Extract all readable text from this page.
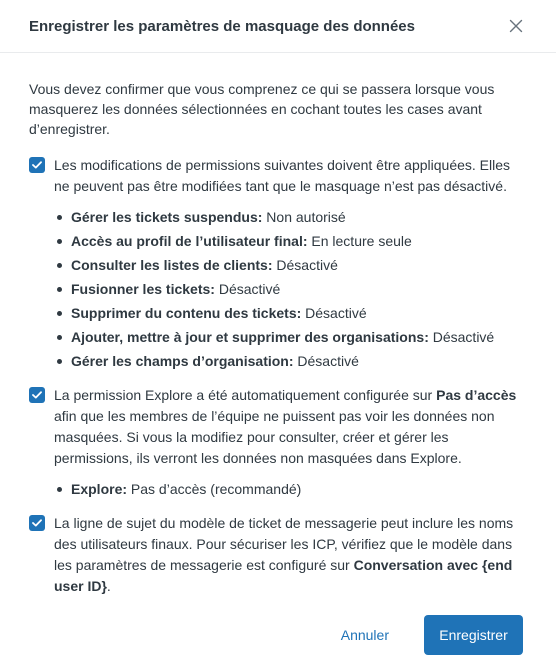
Enregistrer les paramètres de masquage des données

Vous devez confirmer que vous comprenez ce qui se passera lorsque vous masquerez les données sélectionnées en cochant toutes les cases avant d’enregistrer.

Les modifications de permissions suivantes doivent être appliquées. Elles ne peuvent pas être modifiées tant que le masquage n’est pas désactivé.
Gérer les tickets suspendus: Non autorisé
Accès au profil de l’utilisateur final: En lecture seule
Consulter les listes de clients: Désactivé
Fusionner les tickets: Désactivé
Supprimer du contenu des tickets: Désactivé
Ajouter, mettre à jour et supprimer des organisations: Désactivé
Gérer les champs d’organisation: Désactivé
La permission Explore a été automatiquement configurée sur Pas d’accès afin que les membres de l’équipe ne puissent pas voir les données non masquées. Si vous la modifiez pour consulter, créer et gérer les permissions, ils verront les données non masquées dans Explore.
Explore: Pas d’accès (recommandé)
La ligne de sujet du modèle de ticket de messagerie peut inclure les noms des utilisateurs finaux. Pour sécuriser les ICP, vérifiez que le modèle dans les paramètres de messagerie est configuré sur Conversation avec {end user ID}.
Annuler	Enregistrer
